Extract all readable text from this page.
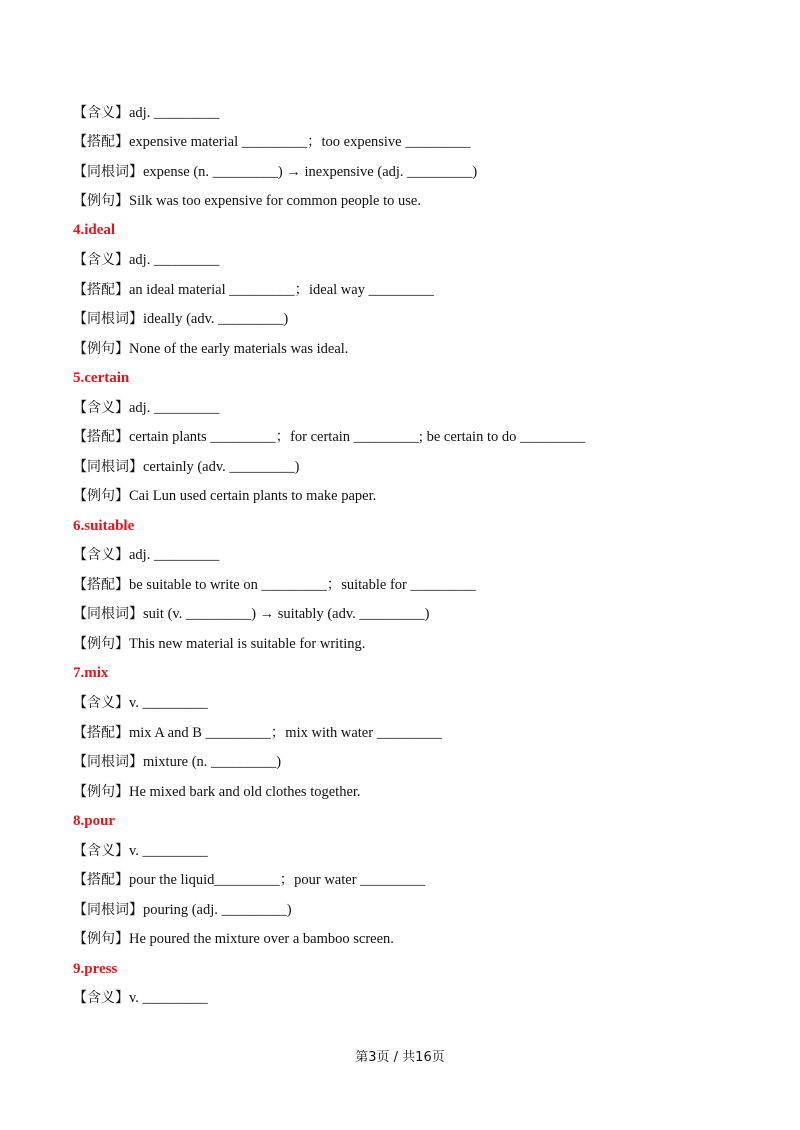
【含义】adj. _________
【搭配】expensive material _________；too expensive _________
【同根词】expense (n. _________) → inexpensive (adj. _________)
【例句】Silk was too expensive for common people to use.
4.ideal
【含义】adj. _________
【搭配】an ideal material _________；ideal way _________
【同根词】ideally (adv. _________)
【例句】None of the early materials was ideal.
5.certain
【含义】adj. _________
【搭配】certain plants _________；for certain _________; be certain to do _________
【同根词】certainly (adv. _________)
【例句】Cai Lun used certain plants to make paper.
6.suitable
【含义】adj. _________
【搭配】be suitable to write on _________；suitable for _________
【同根词】suit (v. _________) → suitably (adv. _________)
【例句】This new material is suitable for writing.
7.mix
【含义】v. _________
【搭配】mix A and B _________；mix with water _________
【同根词】mixture (n. _________)
【例句】He mixed bark and old clothes together.
8.pour
【含义】v. _________
【搭配】pour the liquid_________；pour water _________
【同根词】pouring (adj. _________)
【例句】He poured the mixture over a bamboo screen.
9.press
【含义】v. _________
第3页 / 共16页
